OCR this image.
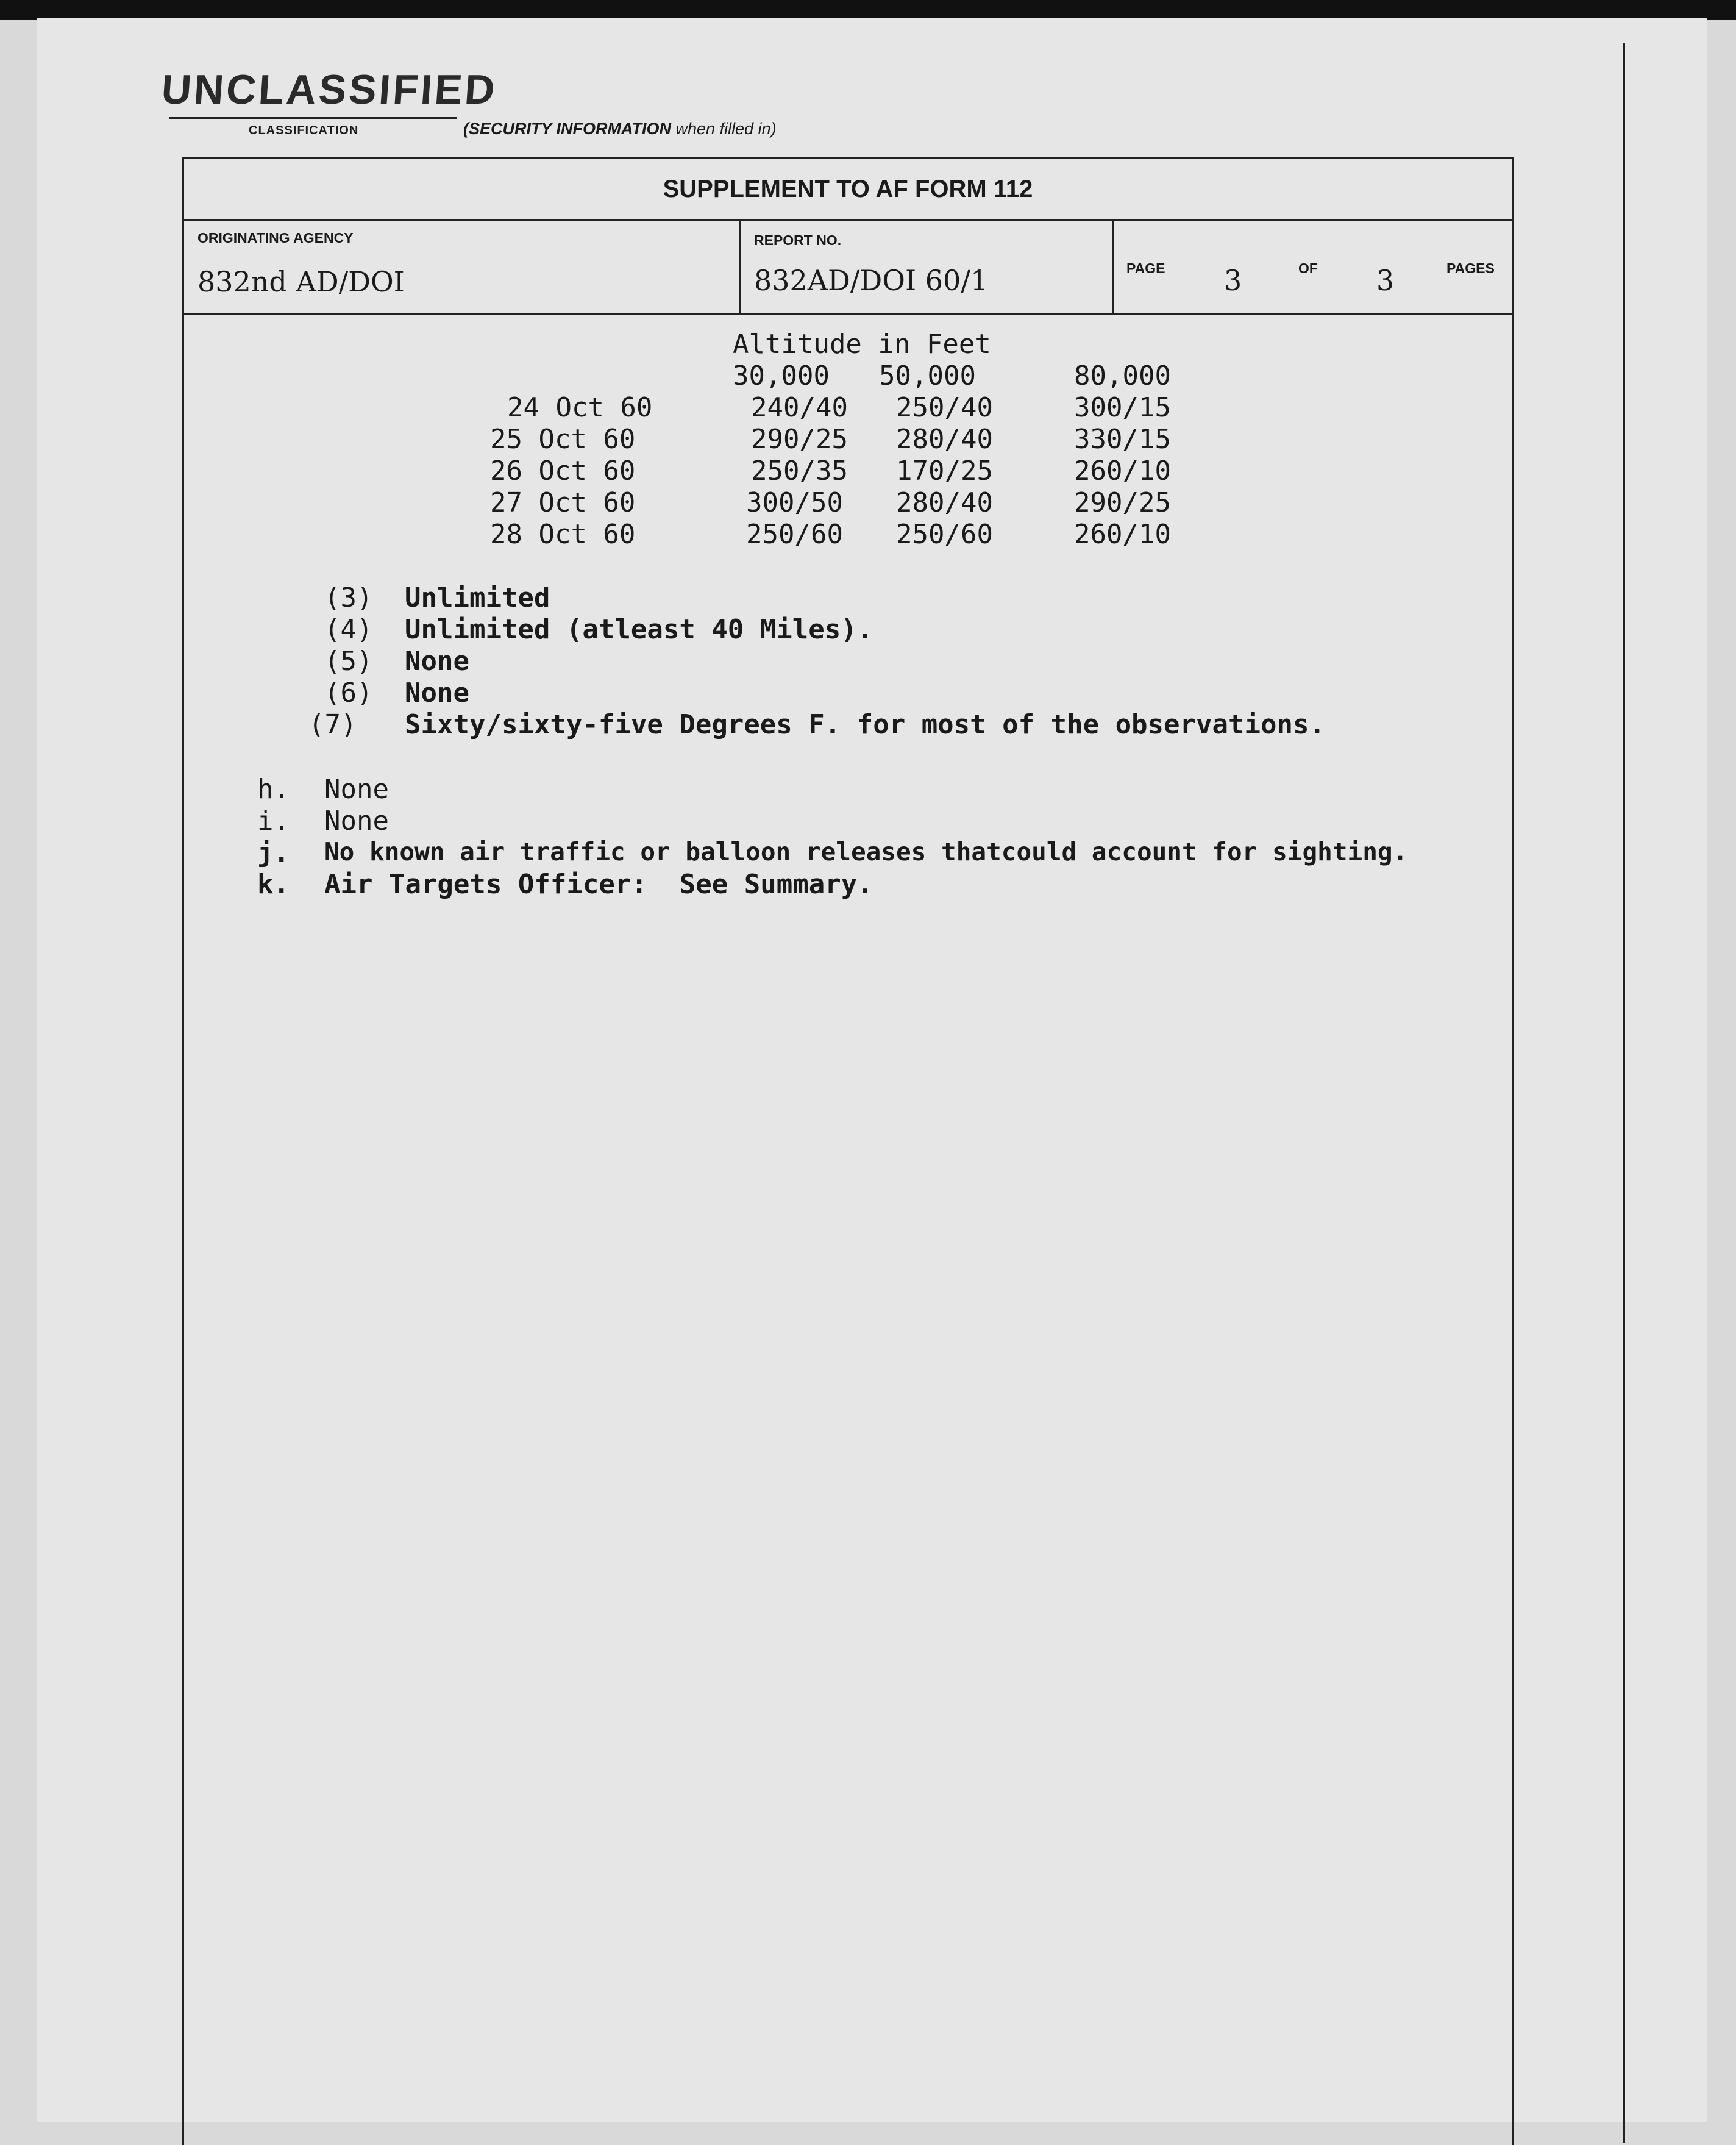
UNCLASSIFIED
CLASSIFICATION	(SECURITY INFORMATION when filled in)
SUPPLEMENT TO AF FORM 112
ORIGINATING AGENCY
832nd AD/DOI
REPORT NO.
832AD/DOI 60/1	PAGE 3	OF 3	PAGES
Altitude in Feet
30,000 50,000	80,000
24 Oct 60	240/40 250/40	300/15
25 Oct 60	290/25 280/40	330/15
26 Oct 60	250/35 170/25	260/10
27 Oct 60	300/50 280/40	290/25
28 Oct 60	250/60 250/60	260/10
(3) Unlimited
(4) Unlimited (atleast 40 Miles).
(5) None
(6) None
(7) Sixty/sixty-five Degrees F. for most of the observations.
h. None
i. None
j. No known air traffic or balloon releases thatcould account for sighting.
k. Air Targets Officer:  See Summary.
